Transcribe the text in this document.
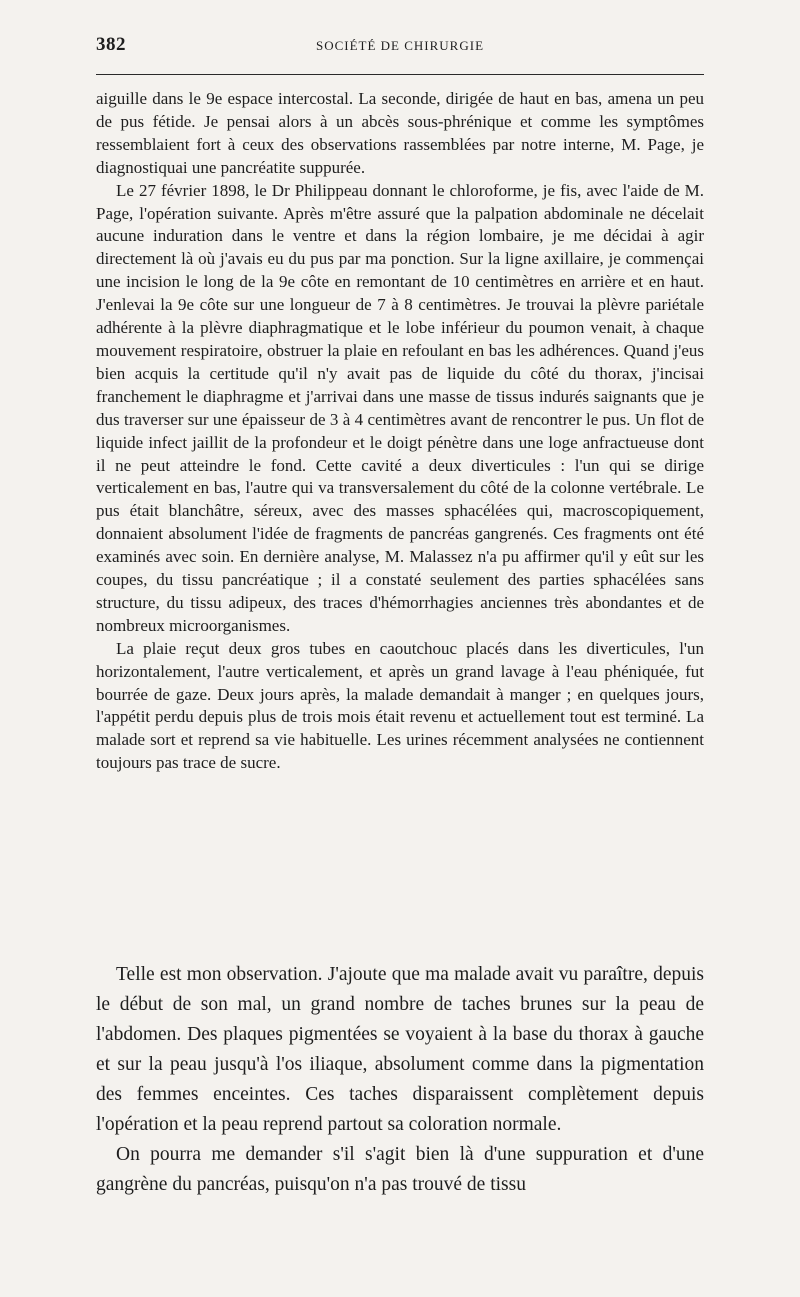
382	SOCIÉTÉ DE CHIRURGIE

aiguille dans le 9e espace intercostal. La seconde, dirigée de haut en bas, amena un peu de pus fétide. Je pensai alors à un abcès sous-phrénique et comme les symptômes ressemblaient fort à ceux des observations rassemblées par notre interne, M. Page, je diagnostiquai une pancréatite suppurée.

Le 27 février 1898, le Dr Philippeau donnant le chloroforme, je fis, avec l'aide de M. Page, l'opération suivante. Après m'être assuré que la palpation abdominale ne décelait aucune induration dans le ventre et dans la région lombaire, je me décidai à agir directement là où j'avais eu du pus par ma ponction. Sur la ligne axillaire, je commençai une incision le long de la 9e côte en remontant de 10 centimètres en arrière et en haut. J'enlevai la 9e côte sur une longueur de 7 à 8 centimètres. Je trouvai la plèvre pariétale adhérente à la plèvre diaphragmatique et le lobe inférieur du poumon venait, à chaque mouvement respiratoire, obstruer la plaie en refoulant en bas les adhérences. Quand j'eus bien acquis la certitude qu'il n'y avait pas de liquide du côté du thorax, j'incisai franchement le diaphragme et j'arrivai dans une masse de tissus indurés saignants que je dus traverser sur une épaisseur de 3 à 4 centimètres avant de rencontrer le pus. Un flot de liquide infect jaillit de la profondeur et le doigt pénètre dans une loge anfractueuse dont il ne peut atteindre le fond. Cette cavité a deux diverticules : l'un qui se dirige verticalement en bas, l'autre qui va transversalement du côté de la colonne vertébrale. Le pus était blanchâtre, séreux, avec des masses sphacélées qui, macroscopiquement, donnaient absolument l'idée de fragments de pancréas gangrenés. Ces fragments ont été examinés avec soin. En dernière analyse, M. Malassez n'a pu affirmer qu'il y eût sur les coupes, du tissu pancréatique ; il a constaté seulement des parties sphacélées sans structure, du tissu adipeux, des traces d'hémorrhagies anciennes très abondantes et de nombreux microorganismes.

La plaie reçut deux gros tubes en caoutchouc placés dans les diverticules, l'un horizontalement, l'autre verticalement, et après un grand lavage à l'eau phéniquée, fut bourrée de gaze. Deux jours après, la malade demandait à manger ; en quelques jours, l'appétit perdu depuis plus de trois mois était revenu et actuellement tout est terminé. La malade sort et reprend sa vie habituelle. Les urines récemment analysées ne contiennent toujours pas trace de sucre.

Telle est mon observation. J'ajoute que ma malade avait vu paraître, depuis le début de son mal, un grand nombre de taches brunes sur la peau de l'abdomen. Des plaques pigmentées se voyaient à la base du thorax à gauche et sur la peau jusqu'à l'os iliaque, absolument comme dans la pigmentation des femmes enceintes. Ces taches disparaissent complètement depuis l'opération et la peau reprend partout sa coloration normale.

On pourra me demander s'il s'agit bien là d'une suppuration et d'une gangrène du pancréas, puisqu'on n'a pas trouvé de tissu
